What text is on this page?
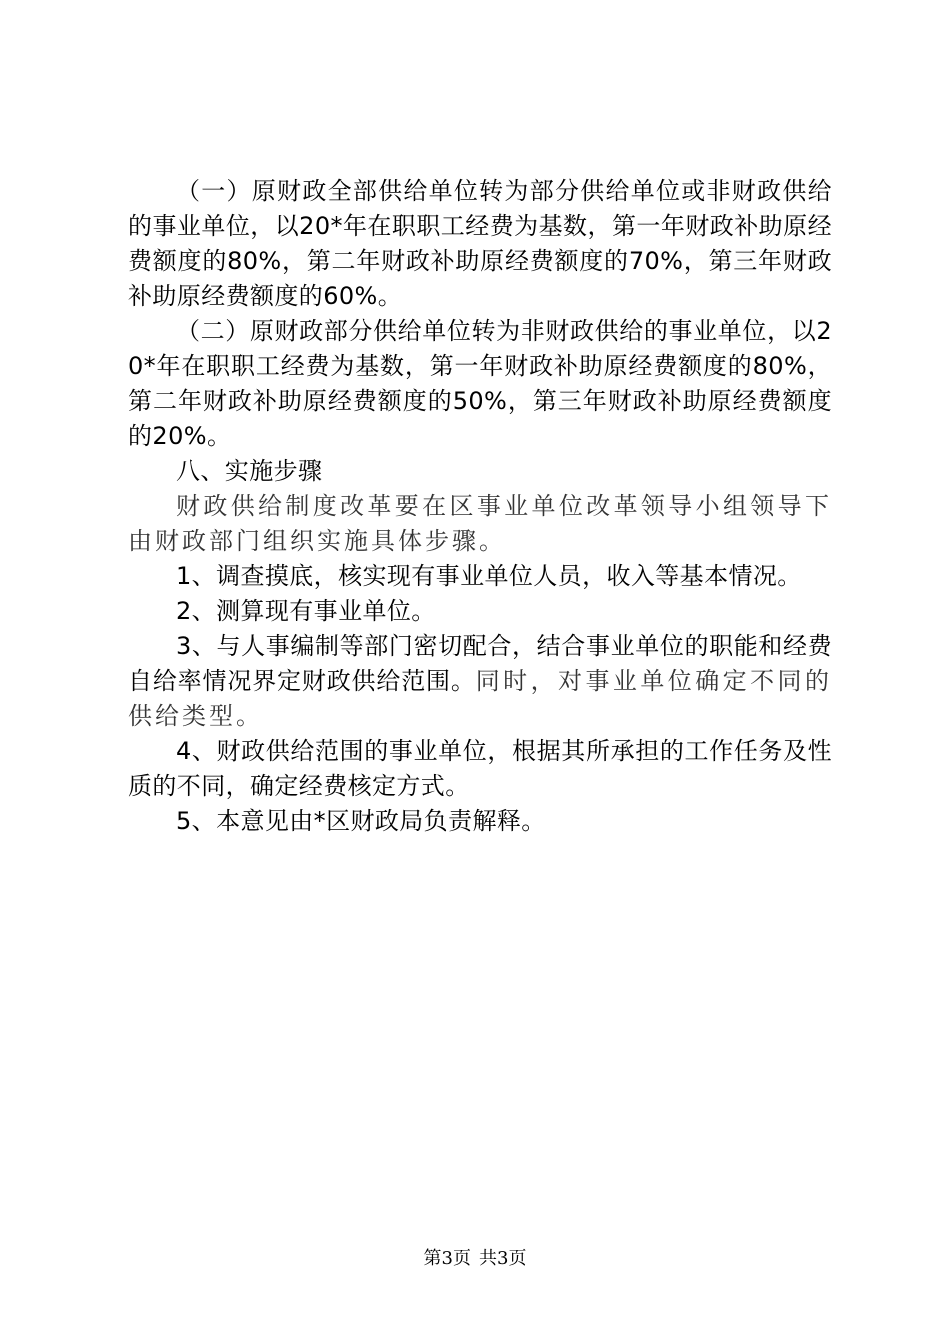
（一）原财政全部供给单位转为部分供给单位或非财政供给的事业单位，以20*年在职职工经费为基数，第一年财政补助原经费额度的80%，第二年财政补助原经费额度的70%，第三年财政补助原经费额度的60%。

（二）原财政部分供给单位转为非财政供给的事业单位，以20*年在职职工经费为基数，第一年财政补助原经费额度的80%，第二年财政补助原经费额度的50%，第三年财政补助原经费额度的20%。

八、实施步骤

财政供给制度改革要在区事业单位改革领导小组领导下由财政部门组织实施具体步骤。

1、调查摸底，核实现有事业单位人员，收入等基本情况。

2、测算现有事业单位。

3、与人事编制等部门密切配合，结合事业单位的职能和经费自给率情况界定财政供给范围。同时，对事业单位确定不同的供给类型。

4、财政供给范围的事业单位，根据其所承担的工作任务及性质的不同，确定经费核定方式。

5、本意见由*区财政局负责解释。

第3页 共3页
